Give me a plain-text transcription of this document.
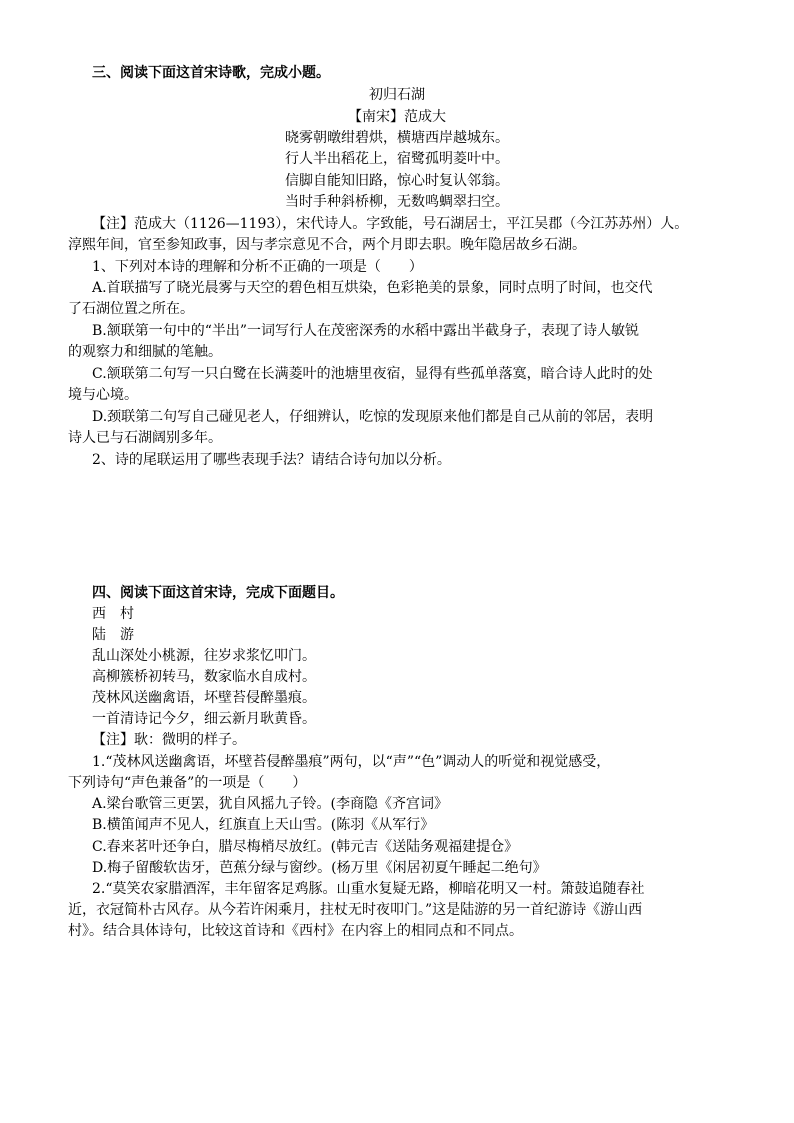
三、阅读下面这首宋诗歌，完成小题。
初归石湖
【南宋】范成大
晓雾朝暾绀碧烘，横塘西岸越城东。
行人半出稻花上，宿鹭孤明菱叶中。
信脚自能知旧路，惊心时复认邻翁。
当时手种斜桥柳，无数鸣蜩翠扫空。
【注】范成大（1126—1193），宋代诗人。字致能，号石湖居士，平江吴郡（今江苏苏州）人。
淳熙年间，官至参知政事，因与孝宗意见不合，两个月即去职。晚年隐居故乡石湖。
1、下列对本诗的理解和分析不正确的一项是（　　）
A.首联描写了晓光晨雾与天空的碧色相互烘染，色彩艳美的景象，同时点明了时间，也交代
了石湖位置之所在。
B.颔联第一句中的“半出”一词写行人在茂密深秀的水稻中露出半截身子，表现了诗人敏锐
的观察力和细腻的笔触。
C.颔联第二句写一只白鹭在长满菱叶的池塘里夜宿，显得有些孤单落寞，暗合诗人此时的处
境与心境。
D.颈联第二句写自己碰见老人，仔细辨认，吃惊的发现原来他们都是自己从前的邻居，表明
诗人已与石湖阔别多年。
2、诗的尾联运用了哪些表现手法？请结合诗句加以分析。
四、阅读下面这首宋诗，完成下面题目。
西　村
陆　游
乱山深处小桃源，往岁求浆忆叩门。
高柳簇桥初转马，数家临水自成村。
茂林风送幽禽语，坏壁苔侵醉墨痕。
一首清诗记今夕，细云新月耿黄昏。
【注】耿：微明的样子。
1.“茂林风送幽禽语，坏壁苔侵醉墨痕”两句，以“声”“色”调动人的听觉和视觉感受，
下列诗句“声色兼备”的一项是（　　）
A.梁台歌管三更罢，犹自风摇九子铃。(李商隐《齐宫词》
B.横笛闻声不见人，红旗直上天山雪。(陈羽《从军行》
C.春来茗叶还争白，腊尽梅梢尽放红。(韩元吉《送陆务观福建提仓》
D.梅子留酸软齿牙，芭蕉分绿与窗纱。(杨万里《闲居初夏午睡起二绝句》
2.“莫笑农家腊酒浑，丰年留客足鸡豚。山重水复疑无路，柳暗花明又一村。箫鼓追随春社
近，衣冠简朴古风存。从今若许闲乘月，拄杖无时夜叩门。”这是陆游的另一首纪游诗《游山西
村》。结合具体诗句，比较这首诗和《西村》在内容上的相同点和不同点。
